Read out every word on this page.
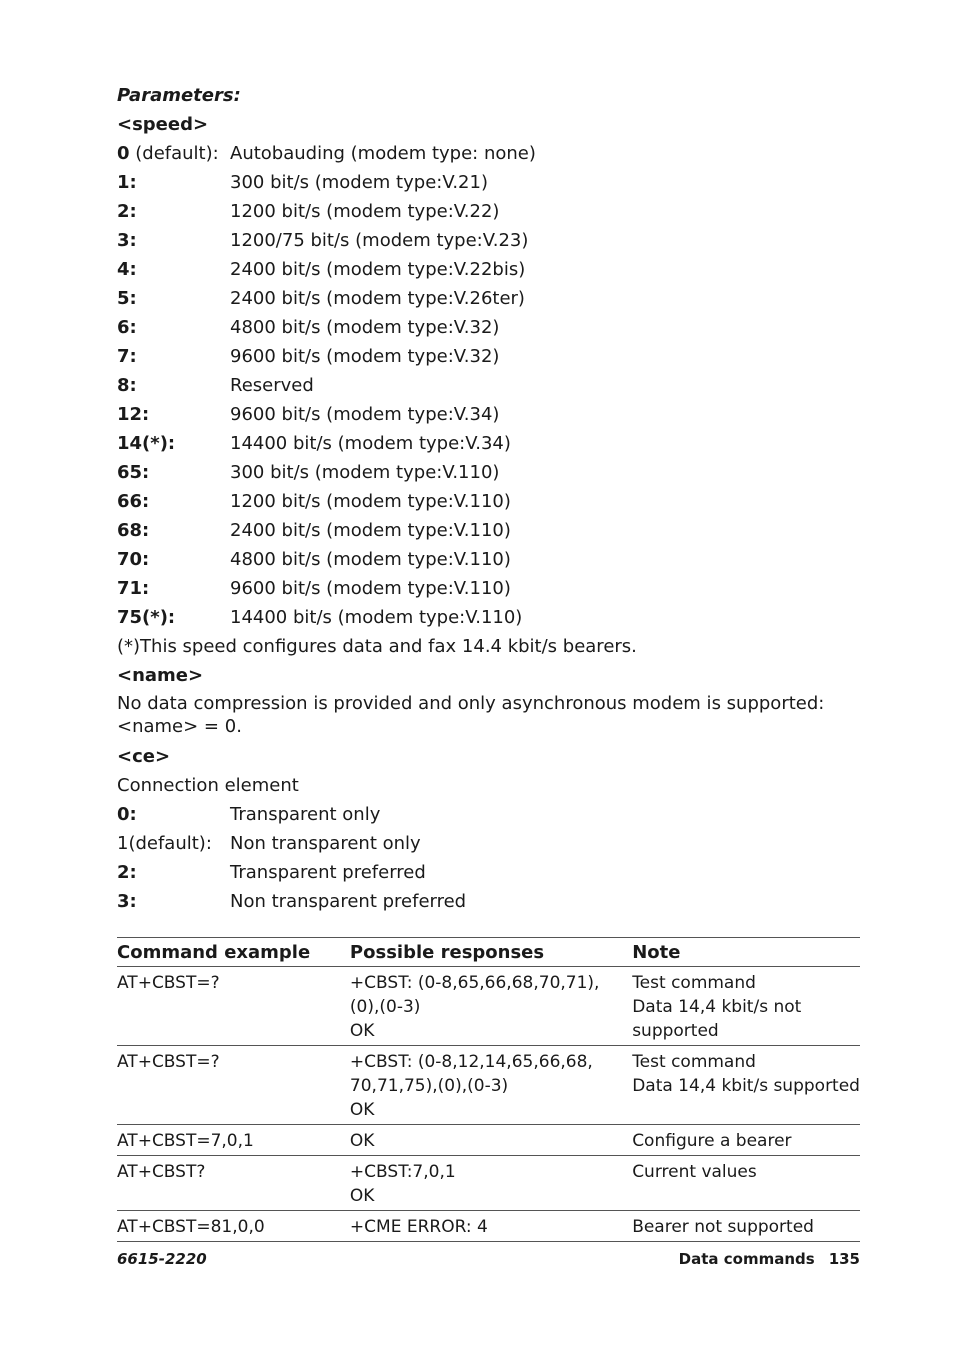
Parameters:
<speed>
0 (default): Autobauding (modem type: none)
1:	300 bit/s (modem type:V.21)
2:	1200 bit/s (modem type:V.22)
3:	1200/75 bit/s (modem type:V.23)
4:	2400 bit/s (modem type:V.22bis)
5:	2400 bit/s (modem type:V.26ter)
6:	4800 bit/s (modem type:V.32)
7:	9600 bit/s (modem type:V.32)
8:	Reserved
12:	9600 bit/s (modem type:V.34)
14(*):	14400 bit/s (modem type:V.34)
65:	300 bit/s (modem type:V.110)
66:	1200 bit/s (modem type:V.110)
68:	2400 bit/s (modem type:V.110)
70:	4800 bit/s (modem type:V.110)
71:	9600 bit/s (modem type:V.110)
75(*):	14400 bit/s (modem type:V.110)
(*)This speed configures data and fax 14.4 kbit/s bearers.
<name>
No data compression is provided and only asynchronous modem is supported: <name> = 0.
<ce>
Connection element
0:	Transparent only
1(default):	Non transparent only
2:	Transparent preferred
3:	Non transparent preferred
Command example	Possible responses	Note

AT+CBST=?	+CBST: (0-8,65,66,68,70,71),
(0),(0-3)
OK	Test command
Data 14,4 kbit/s not
supported

AT+CBST=?	+CBST: (0-8,12,14,65,66,68,
70,71,75),(0),(0-3)
OK	Test command
Data 14,4 kbit/s supported

AT+CBST=7,0,1	OK	Configure a bearer

AT+CBST?	+CBST:7,0,1
OK	Current values

AT+CBST=81,0,0	+CME ERROR: 4	Bearer not supported
6615-2220	Data commands 135
